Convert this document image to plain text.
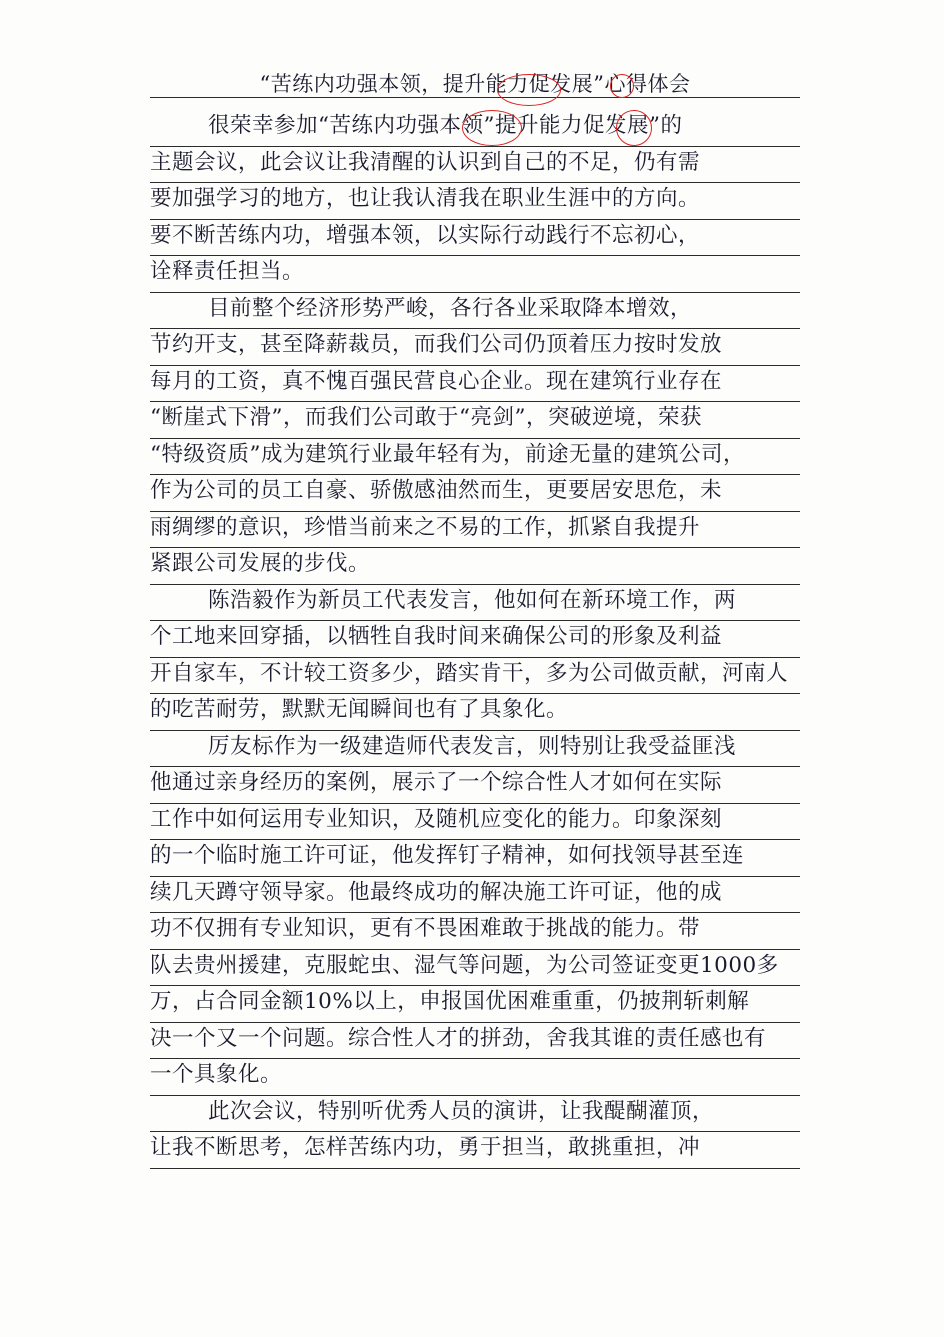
“苦练内功强本领，提升能力促发展”心得体会
很荣幸参加“苦练内功强本领”提升能力促发展”的
主题会议，此会议让我清醒的认识到自己的不足，仍有需
要加强学习的地方，也让我认清我在职业生涯中的方向。
要不断苦练内功，增强本领，以实际行动践行不忘初心，
诠释责任担当。
目前整个经济形势严峻，各行各业采取降本增效，
节约开支，甚至降薪裁员，而我们公司仍顶着压力按时发放
每月的工资，真不愧百强民营良心企业。现在建筑行业存在
“断崖式下滑”，而我们公司敢于“亮剑”，突破逆境，荣获
“特级资质”成为建筑行业最年轻有为，前途无量的建筑公司，
作为公司的员工自豪、骄傲感油然而生，更要居安思危，未
雨绸缪的意识，珍惜当前来之不易的工作，抓紧自我提升
紧跟公司发展的步伐。
陈浩毅作为新员工代表发言，他如何在新环境工作，两
个工地来回穿插，以牺牲自我时间来确保公司的形象及利益
开自家车，不计较工资多少，踏实肯干，多为公司做贡献，河南人
的吃苦耐劳，默默无闻瞬间也有了具象化。
厉友标作为一级建造师代表发言，则特别让我受益匪浅
他通过亲身经历的案例，展示了一个综合性人才如何在实际
工作中如何运用专业知识，及随机应变化的能力。印象深刻
的一个临时施工许可证，他发挥钉子精神，如何找领导甚至连
续几天蹲守领导家。他最终成功的解决施工许可证，他的成
功不仅拥有专业知识，更有不畏困难敢于挑战的能力。带
队去贵州援建，克服蛇虫、湿气等问题，为公司签证变更1000多
万，占合同金额10%以上，申报国优困难重重，仍披荆斩刺解
决一个又一个问题。综合性人才的拼劲，舍我其谁的责任感也有
一个具象化。
此次会议，特别听优秀人员的演讲，让我醍醐灌顶，
让我不断思考，怎样苦练内功，勇于担当，敢挑重担，冲
